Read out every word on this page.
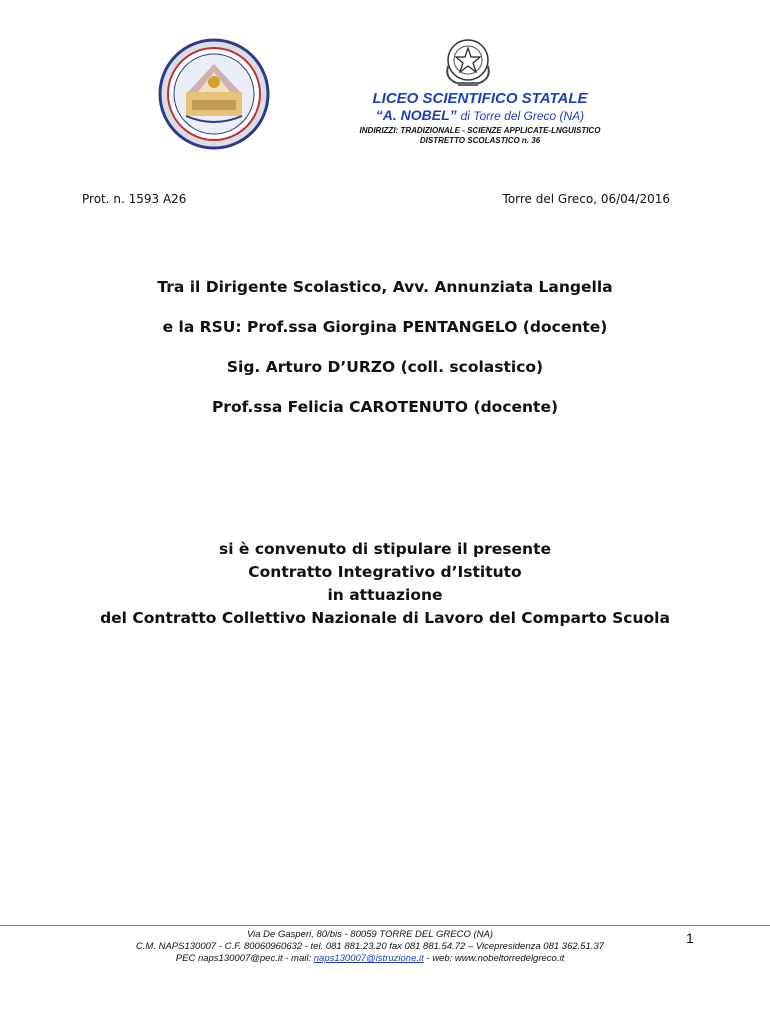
LICEO SCIENTIFICO STATALE
“A. NOBEL” di Torre del Greco (NA)
INDIRIZZI: TRADIZIONALE - SCIENZE APPLICATE-LNGUISTICO
DISTRETTO SCOLASTICO n. 36
Prot. n. 1593 A26	Torre del Greco, 06/04/2016
Tra il Dirigente Scolastico, Avv. Annunziata Langella
e la RSU: Prof.ssa Giorgina PENTANGELO (docente)
Sig. Arturo D’URZO (coll. scolastico)
Prof.ssa Felicia CAROTENUTO (docente)
si è convenuto di stipulare il presente
Contratto Integrativo d’Istituto
in attuazione
del Contratto Collettivo Nazionale di Lavoro del Comparto Scuola
Via De Gasperi, 80/bis - 80059 TORRE DEL GRECO (NA)
C.M. NAPS130007 - C.F. 80060960632 - tel. 081 881.23.20 fax 081 881.54.72 – Vicepresidenza 081 362.51.37
PEC naps130007@pec.it - mail: naps130007@istruzione.it - web: www.nobeltorredelgreco.it
1
